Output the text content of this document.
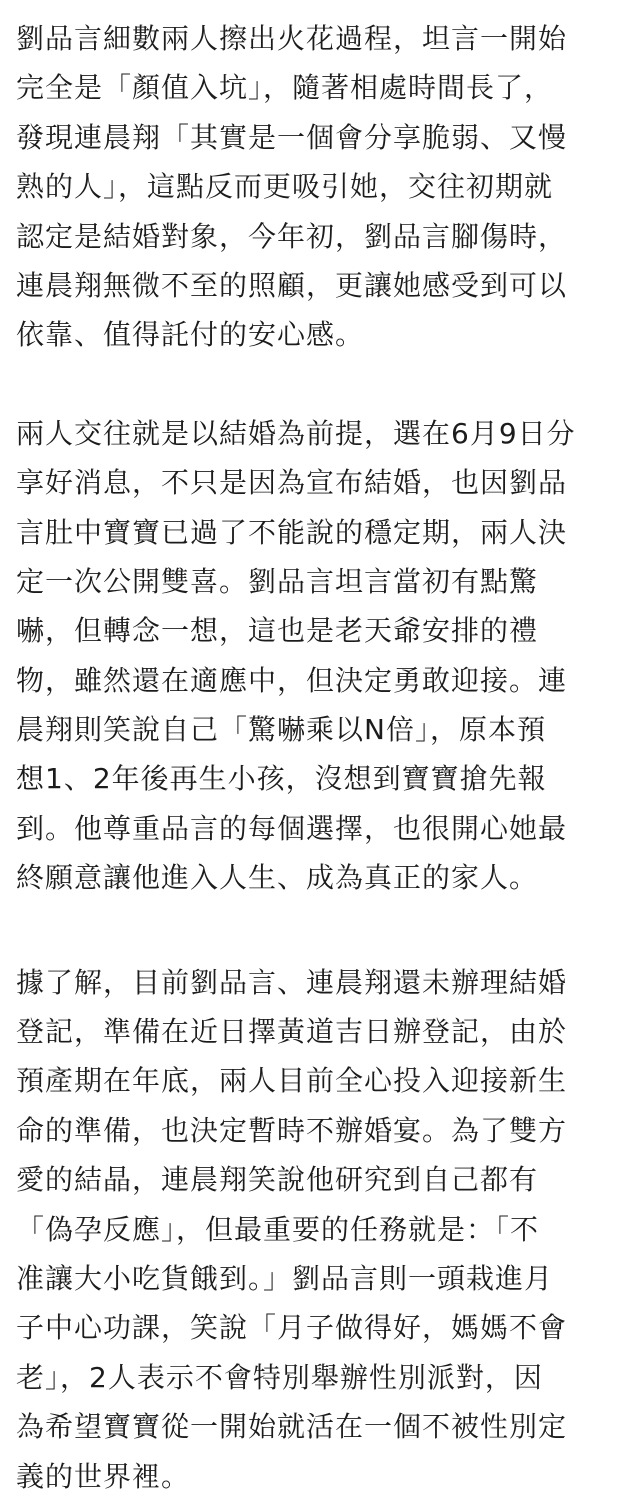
劉品言細數兩人擦出火花過程，坦言一開始
完全是「顏值入坑」，隨著相處時間長了，
發現連晨翔「其實是一個會分享脆弱、又慢
熟的人」，這點反而更吸引她，交往初期就
認定是結婚對象，今年初，劉品言腳傷時，
連晨翔無微不至的照顧，更讓她感受到可以
依靠、值得託付的安心感。
兩人交往就是以結婚為前提，選在6月9日分
享好消息，不只是因為宣布結婚，也因劉品
言肚中寶寶已過了不能說的穩定期，兩人決
定一次公開雙喜。劉品言坦言當初有點驚
嚇，但轉念一想，這也是老天爺安排的禮
物，雖然還在適應中，但決定勇敢迎接。連
晨翔則笑說自己「驚嚇乘以N倍」，原本預
想1、2年後再生小孩，沒想到寶寶搶先報
到。他尊重品言的每個選擇，也很開心她最
終願意讓他進入人生、成為真正的家人。
據了解，目前劉品言、連晨翔還未辦理結婚
登記，準備在近日擇黃道吉日辦登記，由於
預產期在年底，兩人目前全心投入迎接新生
命的準備，也決定暫時不辦婚宴。為了雙方
愛的結晶，連晨翔笑說他研究到自己都有
「偽孕反應」，但最重要的任務就是：「不
准讓大小吃貨餓到。」劉品言則一頭栽進月
子中心功課，笑說「月子做得好，媽媽不會
老」，2人表示不會特別舉辦性別派對，因
為希望寶寶從一開始就活在一個不被性別定
義的世界裡。
